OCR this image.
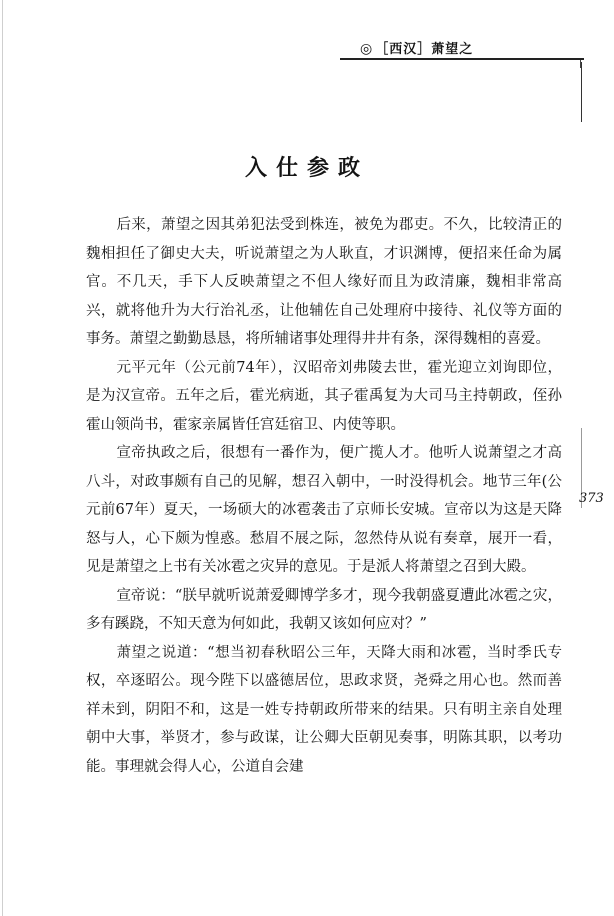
◎ ［西汉］萧望之
入仕参政

后来，萧望之因其弟犯法受到株连，被免为郡吏。不久，比较清正的魏相担任了御史大夫，听说萧望之为人耿直，才识渊博，便招来任命为属官。不几天，手下人反映萧望之不但人缘好而且为政清廉，魏相非常高兴，就将他升为大行治礼丞，让他辅佐自己处理府中接待、礼仪等方面的事务。萧望之勤勤恳恳，将所辅诸事处理得井井有条，深得魏相的喜爱。

元平元年（公元前74年），汉昭帝刘弗陵去世，霍光迎立刘询即位，是为汉宣帝。五年之后，霍光病逝，其子霍禹复为大司马主持朝政，侄孙霍山领尚书，霍家亲属皆任宫廷宿卫、内使等职。

宣帝执政之后，很想有一番作为，便广揽人才。他听人说萧望之才高八斗，对政事颇有自己的见解，想召入朝中，一时没得机会。地节三年(公元前67年）夏天，一场硕大的冰雹袭击了京师长安城。宣帝以为这是天降怒与人，心下颇为惶惑。愁眉不展之际，忽然侍从说有奏章，展开一看，见是萧望之上书有关冰雹之灾异的意见。于是派人将萧望之召到大殿。

宣帝说：“朕早就听说萧爱卿博学多才，现今我朝盛夏遭此冰雹之灾，多有蹊跷，不知天意为何如此，我朝又该如何应对？”

萧望之说道：“想当初春秋昭公三年，天降大雨和冰雹，当时季氏专权，卒逐昭公。现今陛下以盛德居位，思政求贤，尧舜之用心也。然而善祥未到，阴阳不和，这是一姓专持朝政所带来的结果。只有明主亲自处理朝中大事，举贤才，参与政谋，让公卿大臣朝见奏事，明陈其职，以考功能。事理就会得人心，公道自会建

373
